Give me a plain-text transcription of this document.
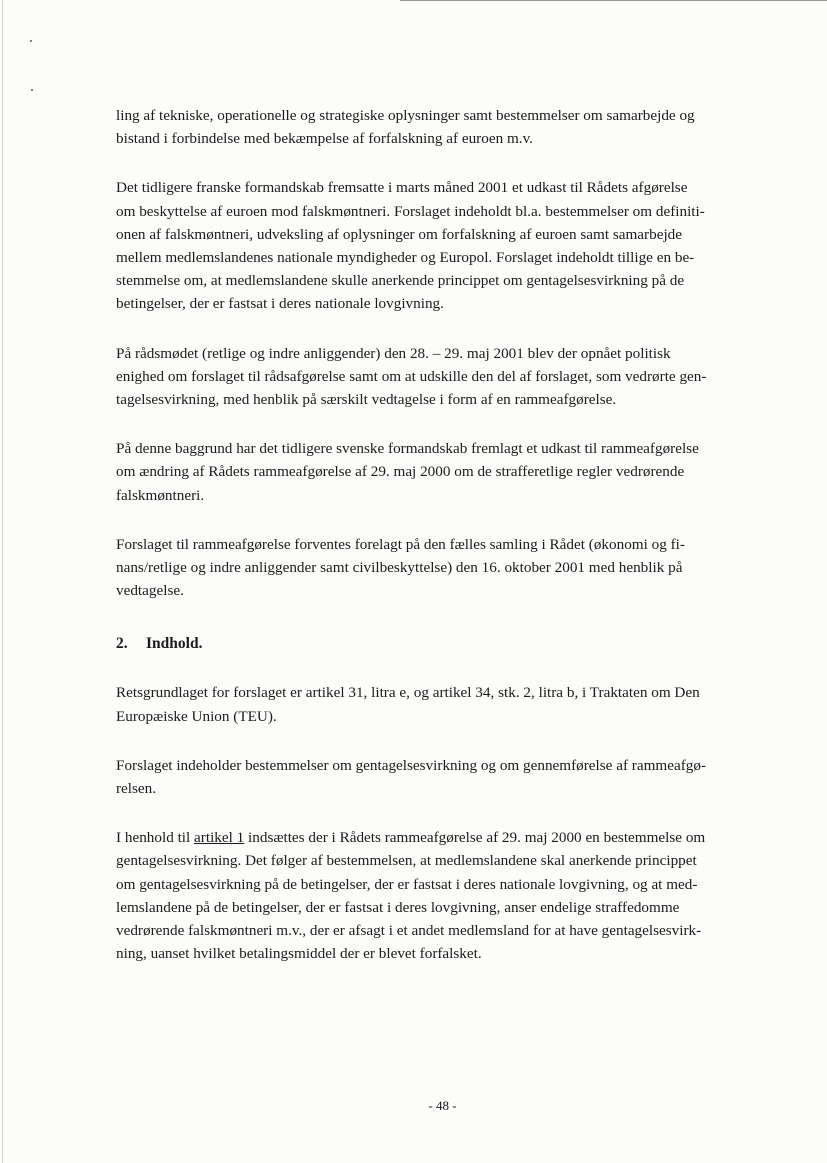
ling af tekniske, operationelle og strategiske oplysninger samt bestemmelser om samarbejde og

bistand i forbindelse med bekæmpelse af forfalskning af euroen m.v.

Det tidligere franske formandskab fremsatte i marts måned 2001 et udkast til Rådets afgørelse

om beskyttelse af euroen mod falskmøntneri. Forslaget indeholdt bl.a. bestemmelser om definiti-

onen af falskmøntneri, udveksling af oplysninger om forfalskning af euroen samt samarbejde

mellem medlemslandenes nationale myndigheder og Europol. Forslaget indeholdt tillige en be-

stemmelse om, at medlemslandene skulle anerkende princippet om gentagelsesvirkning på de

betingelser, der er fastsat i deres nationale lovgivning.

På rådsmødet (retlige og indre anliggender) den 28. – 29. maj 2001 blev der opnået politisk

enighed om forslaget til rådsafgørelse samt om at udskille den del af forslaget, som vedrørte gen-

tagelsesvirkning, med henblik på særskilt vedtagelse i form af en rammeafgørelse.

På denne baggrund har det tidligere svenske formandskab fremlagt et udkast til rammeafgørelse

om ændring af Rådets rammeafgørelse af 29. maj 2000 om de strafferetlige regler vedrørende

falskmøntneri.

Forslaget til rammeafgørelse forventes forelagt på den fælles samling i Rådet (økonomi og fi-

nans/retlige og indre anliggender samt civilbeskyttelse) den 16. oktober 2001 med henblik på

vedtagelse.

2. Indhold.

Retsgrundlaget for forslaget er artikel 31, litra e, og artikel 34, stk. 2, litra b, i Traktaten om Den

Europæiske Union (TEU).

Forslaget indeholder bestemmelser om gentagelsesvirkning og om gennemførelse af rammeafgø-

relsen.

I henhold til artikel 1 indsættes der i Rådets rammeafgørelse af 29. maj 2000 en bestemmelse om

gentagelsesvirkning. Det følger af bestemmelsen, at medlemslandene skal anerkende princippet

om gentagelsesvirkning på de betingelser, der er fastsat i deres nationale lovgivning, og at med-

lemslandene på de betingelser, der er fastsat i deres lovgivning, anser endelige straffedomme

vedrørende falskmøntneri m.v., der er afsagt i et andet medlemsland for at have gentagelsesvirk-

ning, uanset hvilket betalingsmiddel der er blevet forfalsket.

- 48 -
